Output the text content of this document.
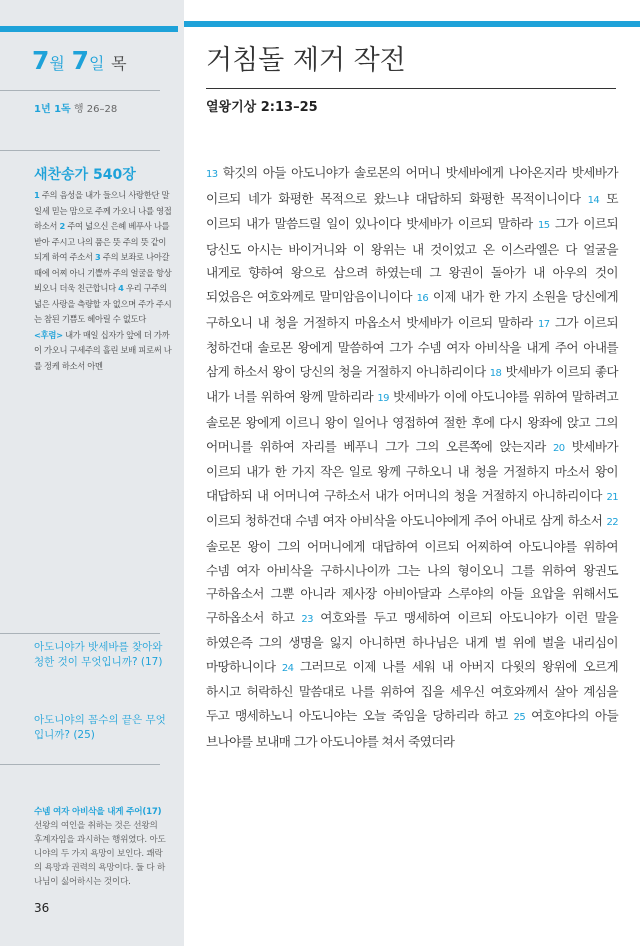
7월 7일 목
1년 1독 행 26–28
새찬송가 540장
1 주의 음성을 내가 들으니 사랑한단 말일세 믿는 맘으로 주께 가오니 나를 영접하소서 2 주여 넓으신 은혜 베푸사 나를 받아 주시고 나의 품은 뜻 주의 뜻 같이 되게 하여 주소서 3 주의 보좌로 나아갈 때에 어찌 아니 기쁠까 주의 얼굴을 항상 뵈오니 더욱 친근합니다 4 우리 구주의 넓은 사랑을 측량할 자 없으며 주가 주시는 참된 기쁨도 헤아릴 수 없도다
<후렴> 내가 매일 십자가 앞에 더 가까이 가오니 구세주의 흘린 보배 피로써 나를 정케 하소서 아멘
아도니야가 밧세바를 찾아와 청한 것이 무엇입니까? (17)
아도니야의 꼼수의 끝은 무엇입니까? (25)
수넴 여자 아비삭을 내게 주어(17) 선왕의 여인을 취하는 것은 선왕의 후계자임을 과시하는 행위였다. 아도니야의 두 가지 욕망이 보인다. 쾌락의 욕망과 권력의 욕망이다. 둘 다 하나님이 싫어하시는 것이다.
36
거침돌 제거 작전
열왕기상 2:13–25
13 학깃의 아들 아도니야가 솔로몬의 어머니 밧세바에게 나아온지라 밧세바가 이르되 네가 화평한 목적으로 왔느냐 대답하되 화평한 목적이니이다 14 또 이르되 내가 말씀드릴 일이 있나이다 밧세바가 이르되 말하라 15 그가 이르되 당신도 아시는 바이거니와 이 왕위는 내 것이었고 온 이스라엘은 다 얼굴을 내게로 향하여 왕으로 삼으려 하였는데 그 왕권이 돌아가 내 아우의 것이 되었음은 여호와께로 말미암음이니이다 16 이제 내가 한 가지 소원을 당신에게 구하오니 내 청을 거절하지 마옵소서 밧세바가 이르되 말하라 17 그가 이르되 청하건대 솔로몬 왕에게 말씀하여 그가 수넴 여자 아비삭을 내게 주어 아내를 삼게 하소서 왕이 당신의 청을 거절하지 아니하리이다 18 밧세바가 이르되 좋다 내가 너를 위하여 왕께 말하리라 19 밧세바가 이에 아도니야를 위하여 말하려고 솔로몬 왕에게 이르니 왕이 일어나 영접하여 절한 후에 다시 왕좌에 앉고 그의 어머니를 위하여 자리를 베푸니 그가 그의 오른쪽에 앉는지라 20 밧세바가 이르되 내가 한 가지 작은 일로 왕께 구하오니 내 청을 거절하지 마소서 왕이 대답하되 내 어머니여 구하소서 내가 어머니의 청을 거절하지 아니하리이다 21 이르되 청하건대 수넴 여자 아비삭을 아도니야에게 주어 아내로 삼게 하소서 22 솔로몬 왕이 그의 어머니에게 대답하여 이르되 어찌하여 아도니야를 위하여 수넴 여자 아비삭을 구하시나이까 그는 나의 형이오니 그를 위하여 왕권도 구하옵소서 그뿐 아니라 제사장 아비아달과 스루야의 아들 요압을 위해서도 구하옵소서 하고 23 여호와를 두고 맹세하여 이르되 아도니야가 이런 말을 하였은즉 그의 생명을 잃지 아니하면 하나님은 내게 벌 위에 벌을 내리심이 마땅하니이다 24 그러므로 이제 나를 세워 내 아버지 다윗의 왕위에 오르게 하시고 허락하신 말씀대로 나를 위하여 집을 세우신 여호와께서 살아 계심을 두고 맹세하노니 아도니야는 오늘 죽임을 당하리라 하고 25 여호야다의 아들 브나야를 보내매 그가 아도니야를 쳐서 죽였더라
